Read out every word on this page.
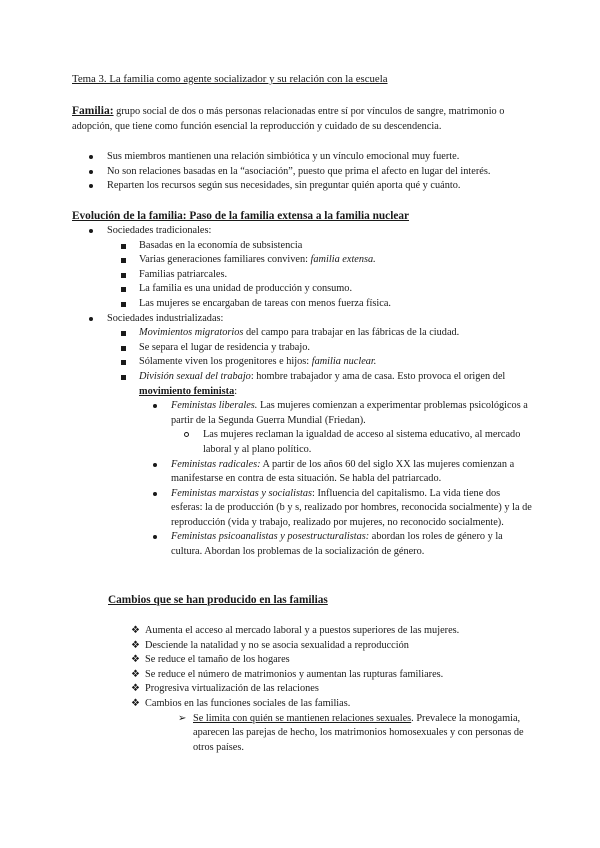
Tema 3. La familia como agente socializador y su relación con la escuela
Familia: grupo social de dos o más personas relacionadas entre sí por vínculos de sangre, matrimonio o adopción, que tiene como función esencial la reproducción y cuidado de su descendencia.
Sus miembros mantienen una relación simbiótica y un vínculo emocional muy fuerte.
No son relaciones basadas en la “asociación”, puesto que prima el afecto en lugar del interés.
Reparten los recursos según sus necesidades, sin preguntar quién aporta qué y cuánto.
Evolución de la familia: Paso de la familia extensa a la familia nuclear
Sociedades tradicionales:
Basadas en la economía de subsistencia
Varias generaciones familiares conviven: familia extensa.
Familias patriarcales.
La familia es una unidad de producción y consumo.
Las mujeres se encargaban de tareas con menos fuerza física.
Sociedades industrializadas:
Movimientos migratorios del campo para trabajar en las fábricas de la ciudad.
Se separa el lugar de residencia y trabajo.
Sólamente viven los progenitores e hijos: familia nuclear.
División sexual del trabajo: hombre trabajador y ama de casa. Esto provoca el origen del movimiento feminista:
Feministas liberales. Las mujeres comienzan a experimentar problemas psicológicos a partir de la Segunda Guerra Mundial (Friedan).
Las mujeres reclaman la igualdad de acceso al sistema educativo, al mercado laboral y al plano político.
Feministas radicales: A partir de los años 60 del siglo XX las mujeres comienzan a manifestarse en contra de esta situación. Se habla del patriarcado.
Feministas marxistas y socialistas: Influencia del capitalismo. La vida tiene dos esferas: la de producción (b y s, realizado por hombres, reconocida socialmente) y la de reproducción (vida y trabajo, realizado por mujeres, no reconocido socialmente).
Feministas psicoanalistas y posestructuralistas: abordan los roles de género y la cultura. Abordan los problemas de la socialización de género.
Cambios que se han producido en las familias
❖ Aumenta el acceso al mercado laboral y a puestos superiores de las mujeres.
❖ Desciende la natalidad y no se asocia sexualidad a reproducción
❖ Se reduce el tamaño de los hogares
❖ Se reduce el número de matrimonios y aumentan las rupturas familiares.
❖ Progresiva virtualización de las relaciones
❖ Cambios en las funciones sociales de las familias.
➢ Se limita con quién se mantienen relaciones sexuales. Prevalece la monogamia, aparecen las parejas de hecho, los matrimonios homosexuales y con personas de otros países.
